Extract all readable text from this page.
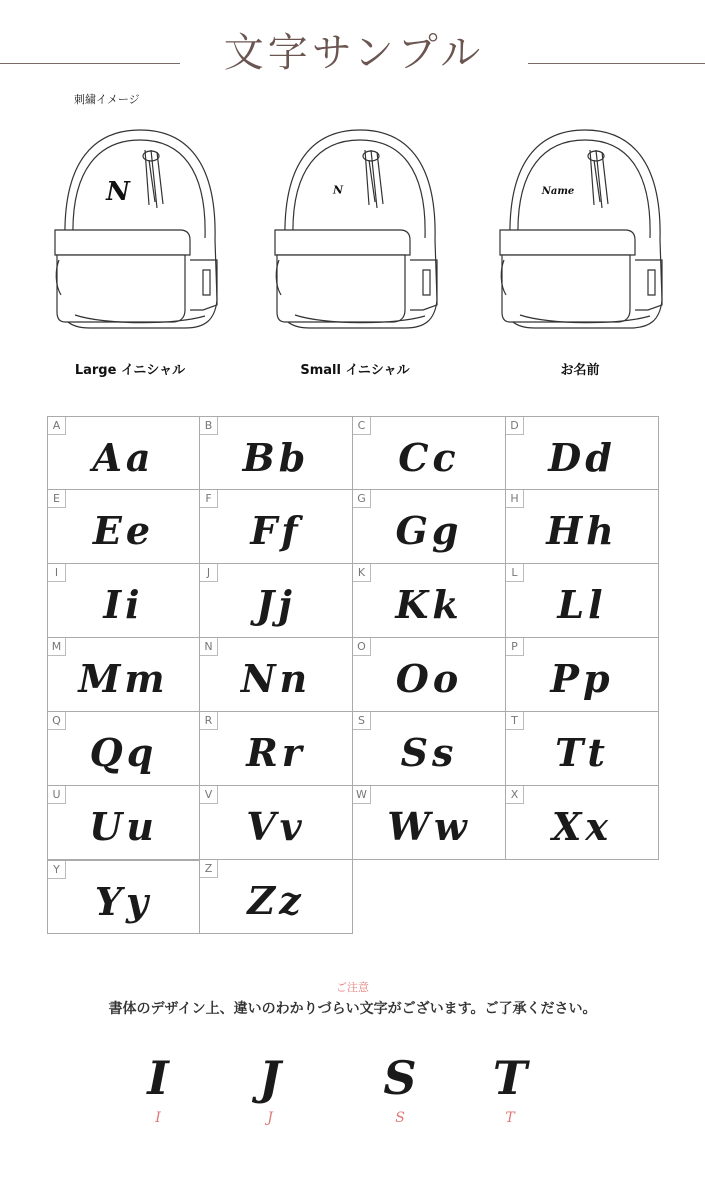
文字サンプル
刺繍イメージ
N
Large イニシャル
N
Small イニシャル
Name
お名前
A
Aa
B
Bb
C
Cc
D
Dd
E
Ee
F
Ff
G
Gg
H
Hh
I
Ii
J
Jj
K
Kk
L
Ll
M
Mm
N
Nn
O
Oo
P
Pp
Q
Qq
R
Rr
S
Ss
T
Tt
U
Uu
V
Vv
W
Ww
X
Xx
Y
Yy
Z
Zz
ご注意
書体のデザイン上、違いのわかりづらい文字がございます。ご了承ください。
I
I
J
J
S
S
T
T
